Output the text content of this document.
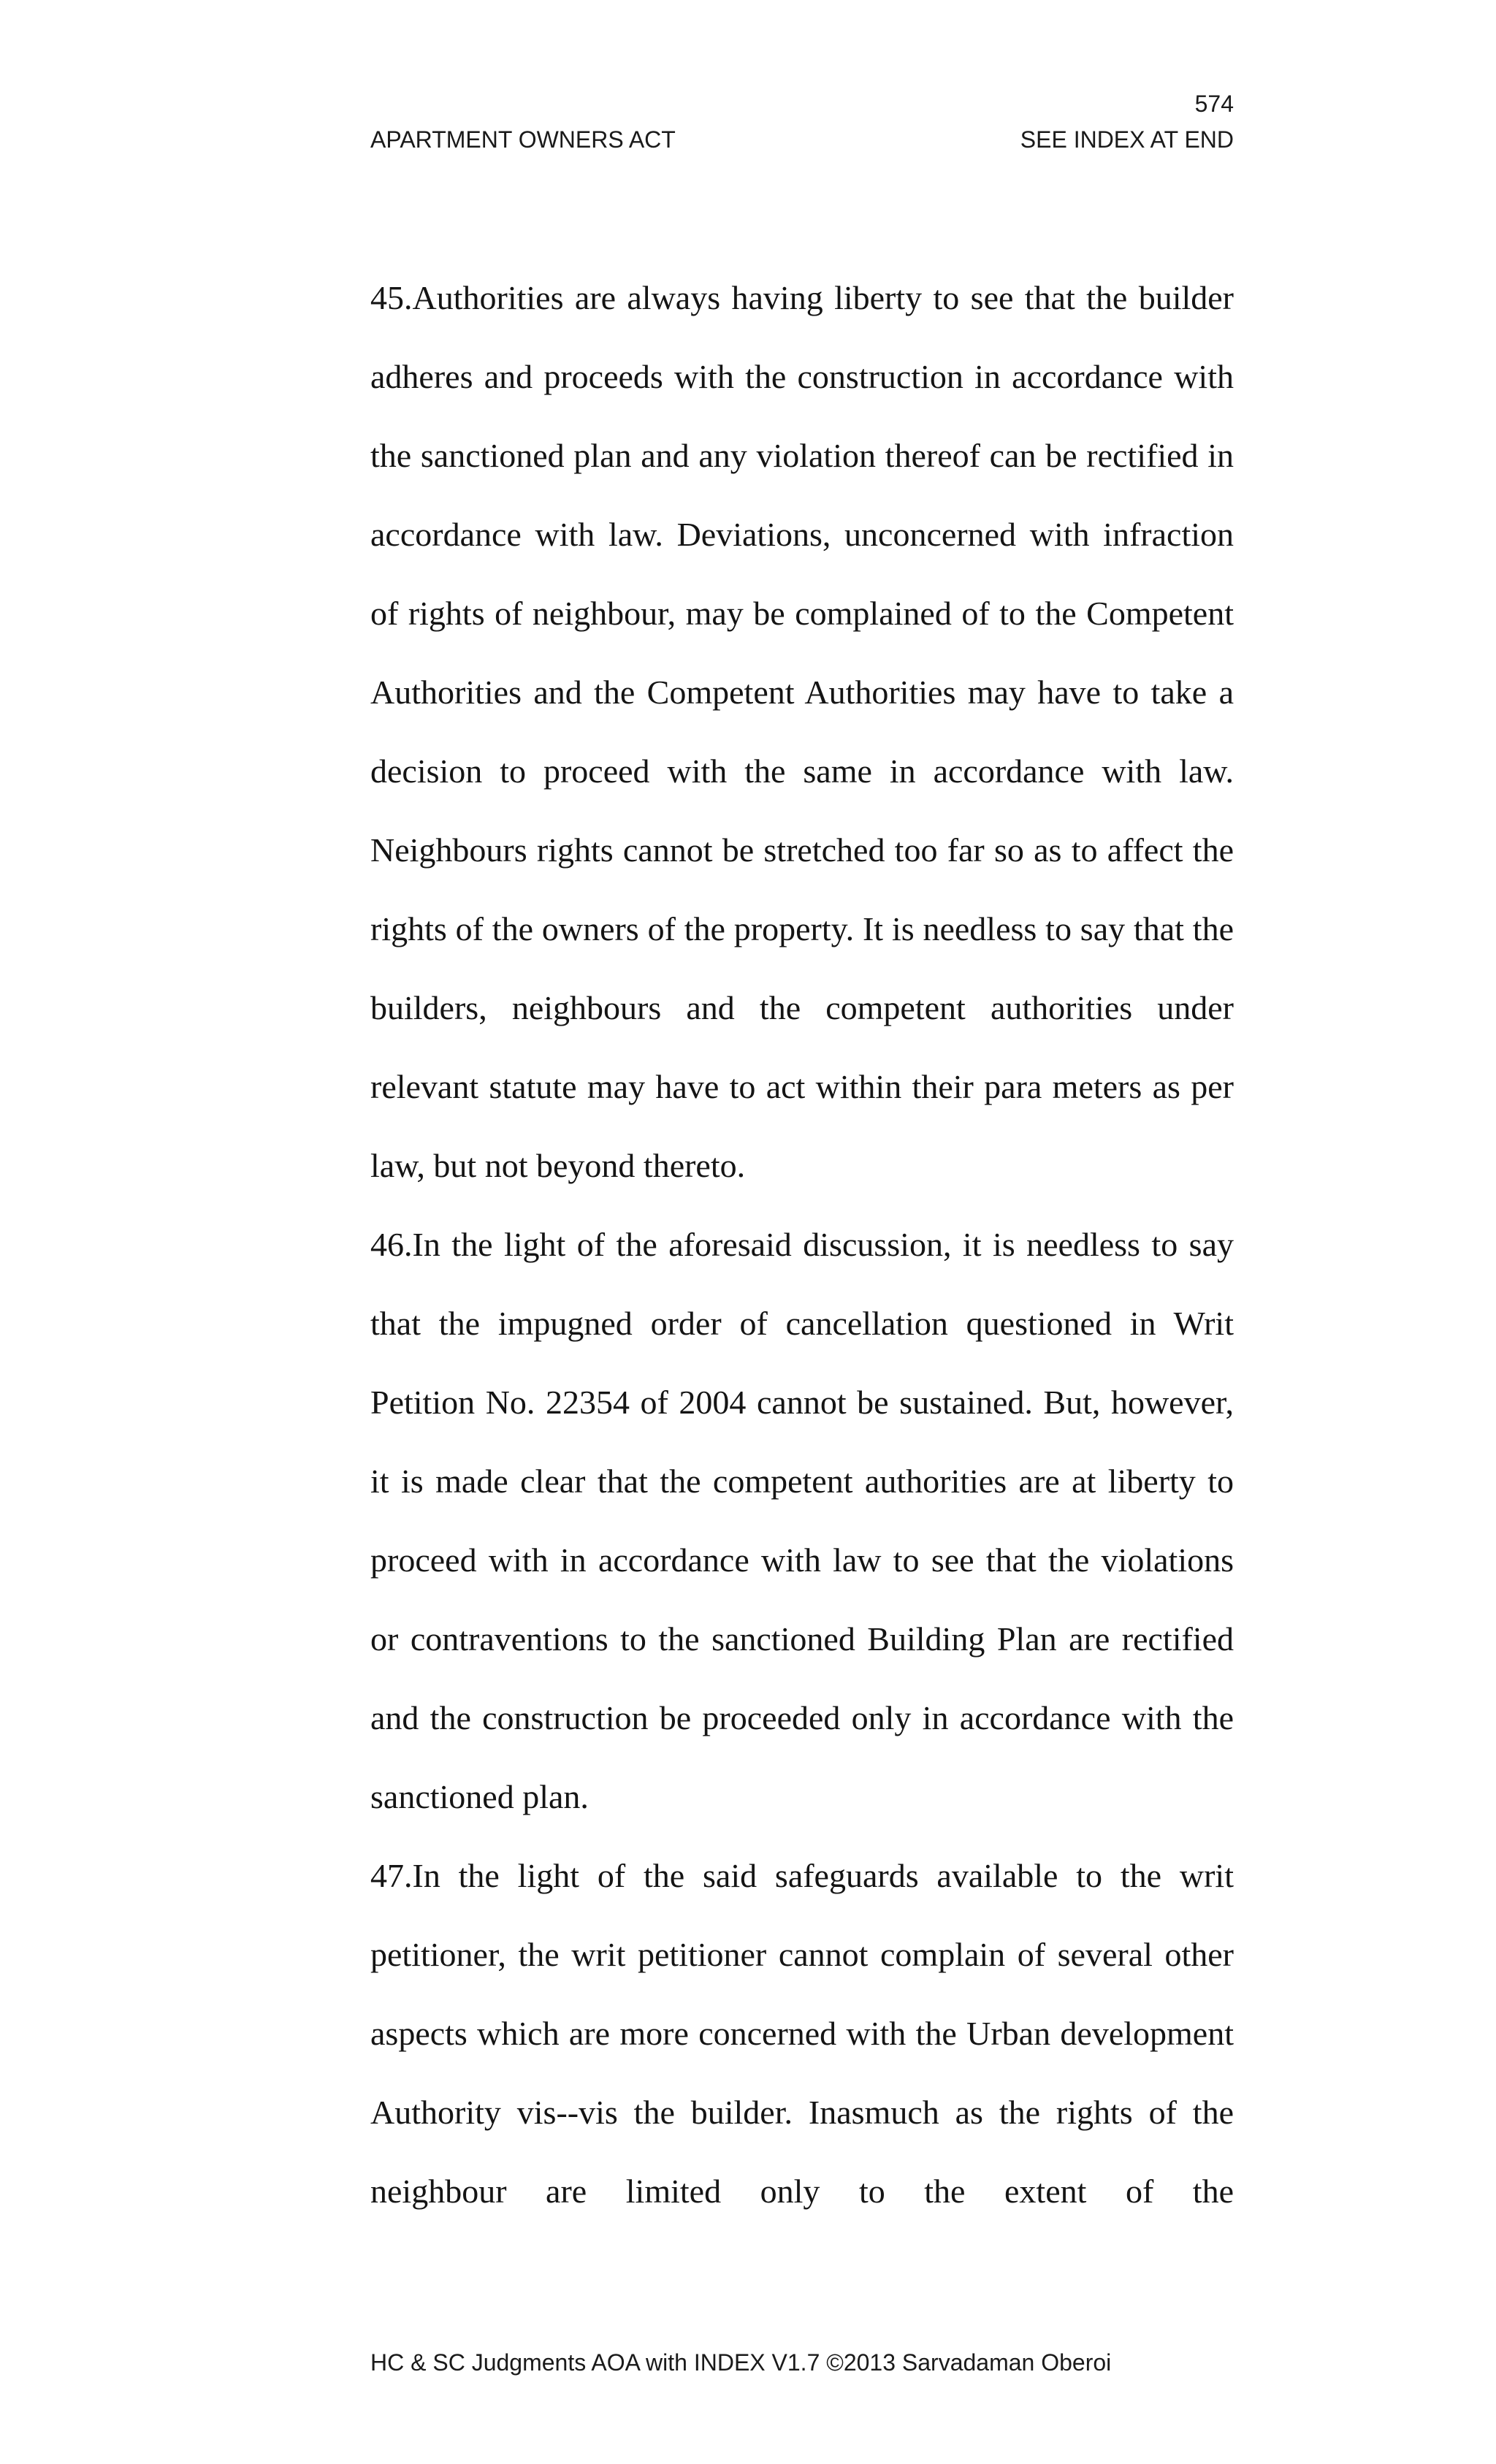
574
APARTMENT OWNERS ACT	SEE INDEX AT END

45.Authorities are always having liberty to see that the builder adheres and proceeds with the construction in accordance with the sanctioned plan and any violation thereof can be rectified in accordance with law. Deviations, unconcerned with infraction of rights of neighbour, may be complained of to the Competent Authorities and the Competent Authorities may have to take a decision to proceed with the same in accordance with law. Neighbours rights cannot be stretched too far so as to affect the rights of the owners of the property. It is needless to say that the builders, neighbours and the competent authorities under relevant statute may have to act within their para meters as per law, but not beyond thereto.

46.In the light of the aforesaid discussion, it is needless to say that the impugned order of cancellation questioned in Writ Petition No. 22354 of 2004 cannot be sustained. But, however, it is made clear that the competent authorities are at liberty to proceed with in accordance with law to see that the violations or contraventions to the sanctioned Building Plan are rectified and the construction be proceeded only in accordance with the sanctioned plan.

47.In the light of the said safeguards available to the writ petitioner, the writ petitioner cannot complain of several other aspects which are more concerned with the Urban development Authority vis--vis the builder. Inasmuch as the rights of the neighbour are limited only to the extent of the

HC & SC Judgments AOA with INDEX V1.7 ©2013 Sarvadaman Oberoi
